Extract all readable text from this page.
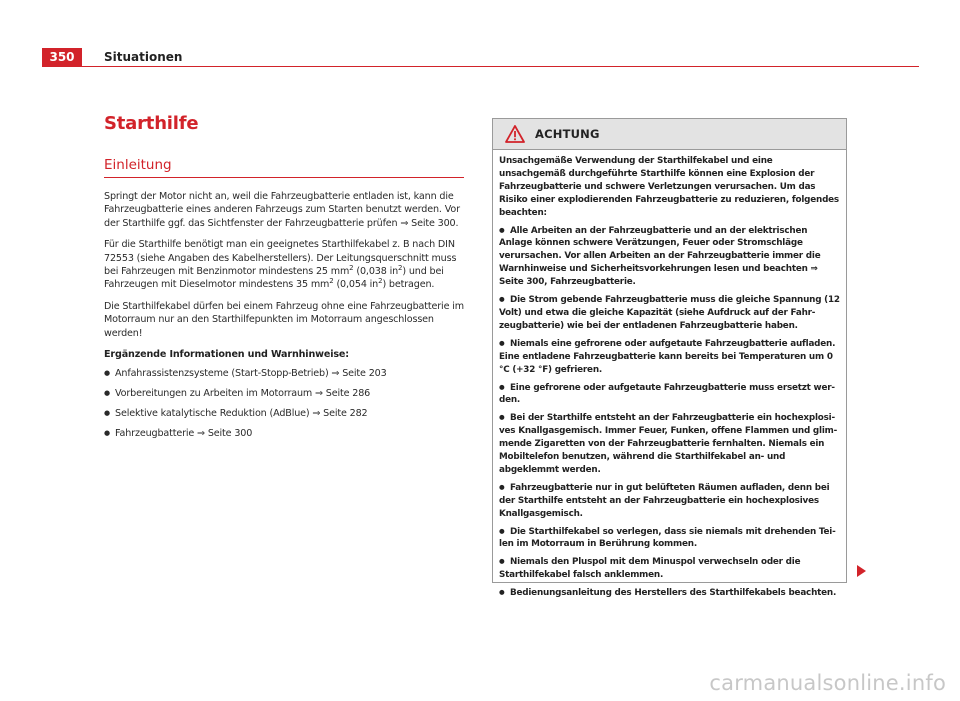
350	Situationen
Starthilfe
Einleitung

Springt der Motor nicht an, weil die Fahrzeugbatterie entladen ist, kann die Fahrzeugbatterie eines anderen Fahrzeugs zum Starten benutzt werden. Vor der Starthilfe ggf. das Sichtfenster der Fahrzeugbatterie prüfen ⇒ Seite 300.

Für die Starthilfe benötigt man ein geeignetes Starthilfekabel z. B nach DIN 72553 (siehe Angaben des Kabelherstellers). Der Leitungsquerschnitt muss bei Fahrzeugen mit Benzinmotor mindestens 25 $mm^2$ (0,038 $in^2$) und bei Fahrzeugen mit Dieselmotor mindestens 35 $mm^2$ (0,054 $in^2$) betragen.

Die Starthilfekabel dürfen bei einem Fahrzeug ohne eine Fahrzeugbatterie im Motorraum nur an den Starthilfepunkten im Motorraum angeschlossen werden!

Ergänzende Informationen und Warnhinweise:

● Anfahrassistenzsysteme (Start-Stopp-Betrieb) ⇒ Seite 203
● Vorbereitungen zu Arbeiten im Motorraum ⇒ Seite 286
● Selektive katalytische Reduktion (AdBlue) ⇒ Seite 282
● Fahrzeugbatterie ⇒ Seite 300
ACHTUNG

Unsachgemäße Verwendung der Starthilfekabel und eine unsachgemäß durchgeführte Starthilfe können eine Explosion der Fahrzeugbatterie und schwere Verletzungen verursachen. Um das Risiko einer explodierenden Fahrzeugbatterie zu reduzieren, folgendes beachten:

● Alle Arbeiten an der Fahrzeugbatterie und an der elektrischen Anlage können schwere Verätzungen, Feuer oder Stromschläge verursachen. Vor allen Arbeiten an der Fahrzeugbatterie immer die Warnhinweise und Sicherheitsvorkehrungen lesen und beachten ⇒ Seite 300, Fahrzeugbatterie.

● Die Strom gebende Fahrzeugbatterie muss die gleiche Spannung (12 Volt) und etwa die gleiche Kapazität (siehe Aufdruck auf der Fahrzeugbatterie) wie bei der entladenen Fahrzeugbatterie haben.

● Niemals eine gefrorene oder aufgetaute Fahrzeugbatterie aufladen. Eine entladene Fahrzeugbatterie kann bereits bei Temperaturen um 0 °C (+32 °F) gefrieren.

● Eine gefrorene oder aufgetaute Fahrzeugbatterie muss ersetzt werden.

● Bei der Starthilfe entsteht an der Fahrzeugbatterie ein hochexplosives Knallgasgemisch. Immer Feuer, Funken, offene Flammen und glimmende Zigaretten von der Fahrzeugbatterie fernhalten. Niemals ein Mobiltelefon benutzen, während die Starthilfekabel an- und abgeklemmt werden.

● Fahrzeugbatterie nur in gut belüfteten Räumen aufladen, denn bei der Starthilfe entsteht an der Fahrzeugbatterie ein hochexplosives Knallgasgemisch.

● Die Starthilfekabel so verlegen, dass sie niemals mit drehenden Teilen im Motorraum in Berührung kommen.

● Niemals den Pluspol mit dem Minuspol verwechseln oder die Starthilfekabel falsch anklemmen.

● Bedienungsanleitung des Herstellers des Starthilfekabels beachten.

carmanualsonline.info
